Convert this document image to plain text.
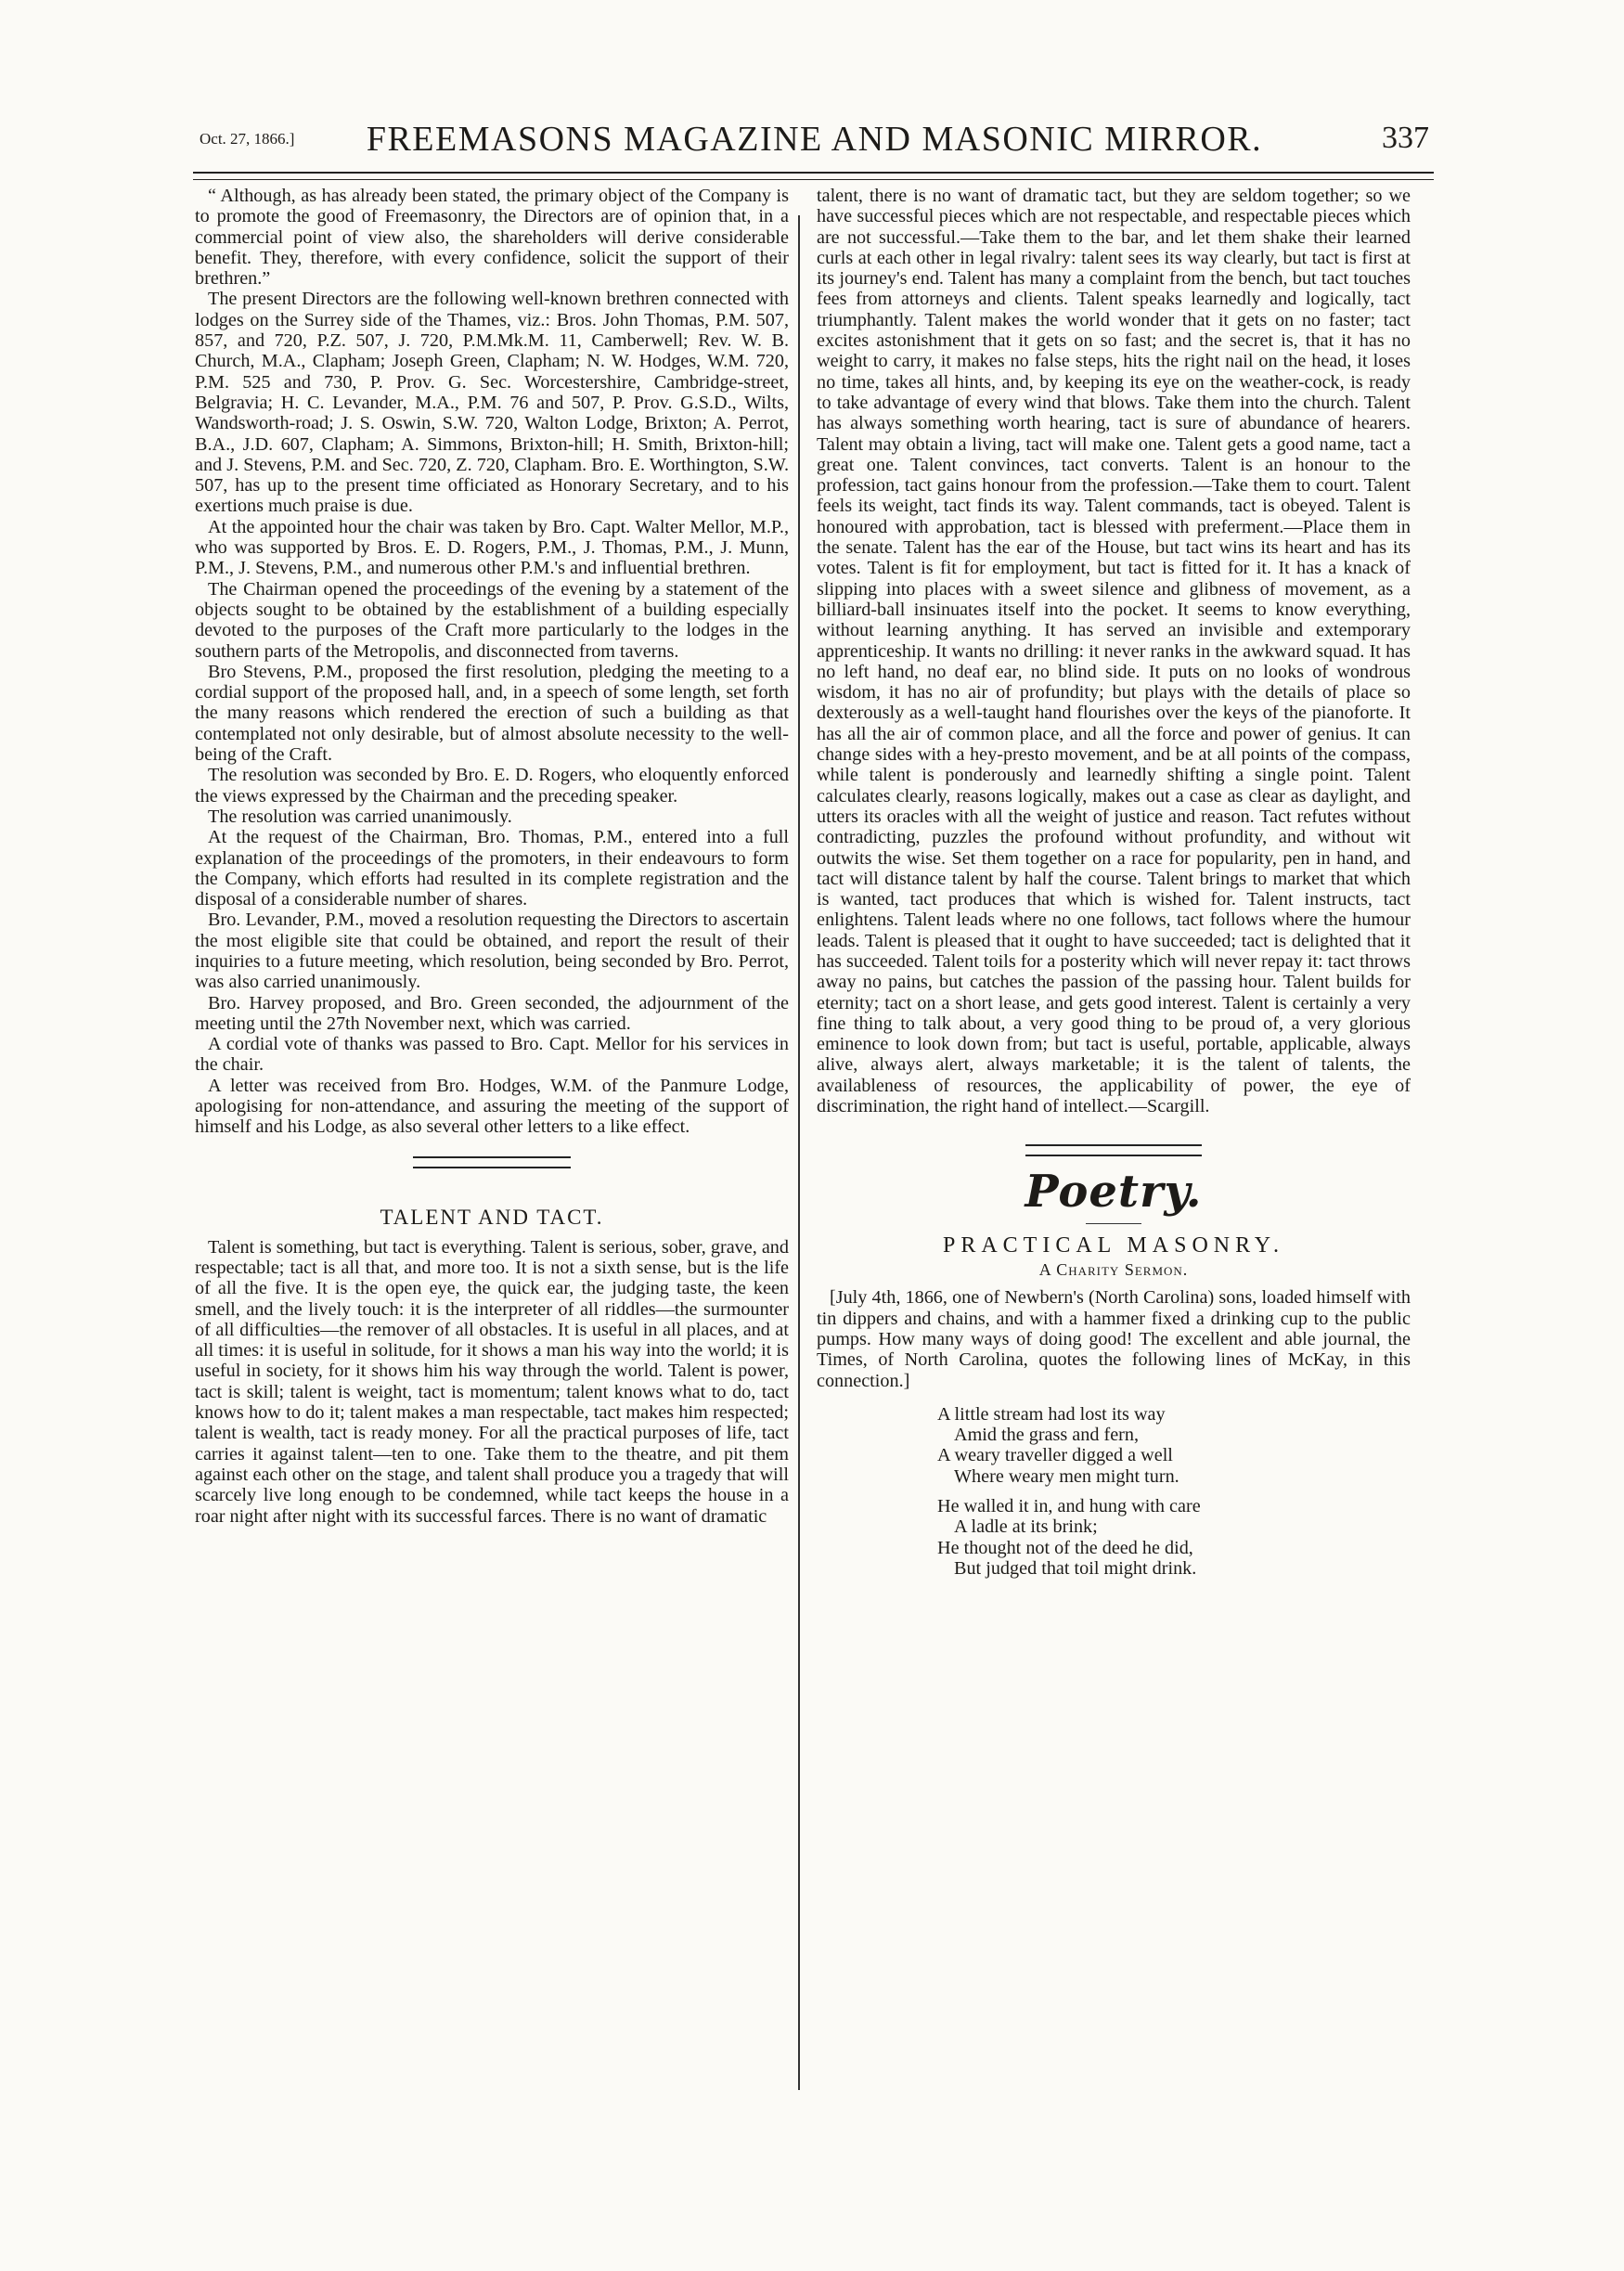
Oct. 27, 1866.]	FREEMASONS MAGAZINE AND MASONIC MIRROR.	337

“ Although, as has already been stated, the primary object of the Company is to promote the good of Freemasonry, the Directors are of opinion that, in a commercial point of view also, the shareholders will derive considerable benefit. They, therefore, with every confidence, solicit the support of their brethren.”

The present Directors are the following well-known brethren connected with lodges on the Surrey side of the Thames, viz.: Bros. John Thomas, P.M. 507, 857, and 720, P.Z. 507, J. 720, P.M.Mk.M. 11, Camberwell; Rev. W. B. Church, M.A., Clapham; Joseph Green, Clapham; N. W. Hodges, W.M. 720, P.M. 525 and 730, P. Prov. G. Sec. Worcestershire, Cambridge-street, Belgravia; H. C. Levander, M.A., P.M. 76 and 507, P. Prov. G.S.D., Wilts, Wandsworth-road; J. S. Oswin, S.W. 720, Walton Lodge, Brixton; A. Perrot, B.A., J.D. 607, Clapham; A. Simmons, Brixton-hill; H. Smith, Brixton-hill; and J. Stevens, P.M. and Sec. 720, Z. 720, Clapham. Bro. E. Worthington, S.W. 507, has up to the present time officiated as Honorary Secretary, and to his exertions much praise is due.

At the appointed hour the chair was taken by Bro. Capt. Walter Mellor, M.P., who was supported by Bros. E. D. Rogers, P.M., J. Thomas, P.M., J. Munn, P.M., J. Stevens, P.M., and numerous other P.M.'s and influential brethren.

The Chairman opened the proceedings of the evening by a statement of the objects sought to be obtained by the establishment of a building especially devoted to the purposes of the Craft more particularly to the lodges in the southern parts of the Metropolis, and disconnected from taverns.

Bro Stevens, P.M., proposed the first resolution, pledging the meeting to a cordial support of the proposed hall, and, in a speech of some length, set forth the many reasons which rendered the erection of such a building as that contemplated not only desirable, but of almost absolute necessity to the well-being of the Craft.

The resolution was seconded by Bro. E. D. Rogers, who eloquently enforced the views expressed by the Chairman and the preceding speaker.

The resolution was carried unanimously.

At the request of the Chairman, Bro. Thomas, P.M., entered into a full explanation of the proceedings of the promoters, in their endeavours to form the Company, which efforts had resulted in its complete registration and the disposal of a considerable number of shares.

Bro. Levander, P.M., moved a resolution requesting the Directors to ascertain the most eligible site that could be obtained, and report the result of their inquiries to a future meeting, which resolution, being seconded by Bro. Perrot, was also carried unanimously.

Bro. Harvey proposed, and Bro. Green seconded, the adjournment of the meeting until the 27th November next, which was carried.

A cordial vote of thanks was passed to Bro. Capt. Mellor for his services in the chair.

A letter was received from Bro. Hodges, W.M. of the Panmure Lodge, apologising for non-attendance, and assuring the meeting of the support of himself and his Lodge, as also several other letters to a like effect.

TALENT AND TACT.

Talent is something, but tact is everything. Talent is serious, sober, grave, and respectable; tact is all that, and more too. It is not a sixth sense, but is the life of all the five. It is the open eye, the quick ear, the judging taste, the keen smell, and the lively touch: it is the interpreter of all riddles—the surmounter of all difficulties—the remover of all obstacles. It is useful in all places, and at all times: it is useful in solitude, for it shows a man his way into the world; it is useful in society, for it shows him his way through the world. Talent is power, tact is skill; talent is weight, tact is momentum; talent knows what to do, tact knows how to do it; talent makes a man respectable, tact makes him respected; talent is wealth, tact is ready money. For all the practical purposes of life, tact carries it against talent—ten to one. Take them to the theatre, and pit them against each other on the stage, and talent shall produce you a tragedy that will scarcely live long enough to be condemned, while tact keeps the house in a roar night after night with its successful farces. There is no want of dramatic

talent, there is no want of dramatic tact, but they are seldom together; so we have successful pieces which are not respectable, and respectable pieces which are not successful.—Take them to the bar, and let them shake their learned curls at each other in legal rivalry: talent sees its way clearly, but tact is first at its journey's end. Talent has many a complaint from the bench, but tact touches fees from attorneys and clients. Talent speaks learnedly and logically, tact triumphantly. Talent makes the world wonder that it gets on no faster; tact excites astonishment that it gets on so fast; and the secret is, that it has no weight to carry, it makes no false steps, hits the right nail on the head, it loses no time, takes all hints, and, by keeping its eye on the weather-cock, is ready to take advantage of every wind that blows. Take them into the church. Talent has always something worth hearing, tact is sure of abundance of hearers. Talent may obtain a living, tact will make one. Talent gets a good name, tact a great one. Talent convinces, tact converts. Talent is an honour to the profession, tact gains honour from the profession.—Take them to court. Talent feels its weight, tact finds its way. Talent commands, tact is obeyed. Talent is honoured with approbation, tact is blessed with preferment.—Place them in the senate. Talent has the ear of the House, but tact wins its heart and has its votes. Talent is fit for employment, but tact is fitted for it. It has a knack of slipping into places with a sweet silence and glibness of movement, as a billiard-ball insinuates itself into the pocket. It seems to know everything, without learning anything. It has served an invisible and extemporary apprenticeship. It wants no drilling: it never ranks in the awkward squad. It has no left hand, no deaf ear, no blind side. It puts on no looks of wondrous wisdom, it has no air of profundity; but plays with the details of place so dexterously as a well-taught hand flourishes over the keys of the pianoforte. It has all the air of common place, and all the force and power of genius. It can change sides with a hey-presto movement, and be at all points of the compass, while talent is ponderously and learnedly shifting a single point. Talent calculates clearly, reasons logically, makes out a case as clear as daylight, and utters its oracles with all the weight of justice and reason. Tact refutes without contradicting, puzzles the profound without profundity, and without wit outwits the wise. Set them together on a race for popularity, pen in hand, and tact will distance talent by half the course. Talent brings to market that which is wanted, tact produces that which is wished for. Talent instructs, tact enlightens. Talent leads where no one follows, tact follows where the humour leads. Talent is pleased that it ought to have succeeded; tact is delighted that it has succeeded. Talent toils for a posterity which will never repay it: tact throws away no pains, but catches the passion of the passing hour. Talent builds for eternity; tact on a short lease, and gets good interest. Talent is certainly a very fine thing to talk about, a very good thing to be proud of, a very glorious eminence to look down from; but tact is useful, portable, applicable, always alive, always alert, always marketable; it is the talent of talents, the availableness of resources, the applicability of power, the eye of discrimination, the right hand of intellect.—Scargill.

Poetry.
PRACTICAL MASONRY.
A Charity Sermon.

[July 4th, 1866, one of Newbern's (North Carolina) sons, loaded himself with tin dippers and chains, and with a hammer fixed a drinking cup to the public pumps. How many ways of doing good! The excellent and able journal, the Times, of North Carolina, quotes the following lines of McKay, in this connection.]

A little stream had lost its way
Amid the grass and fern,
A weary traveller digged a well
Where weary men might turn.
He walled it in, and hung with care
A ladle at its brink;
He thought not of the deed he did,
But judged that toil might drink.
